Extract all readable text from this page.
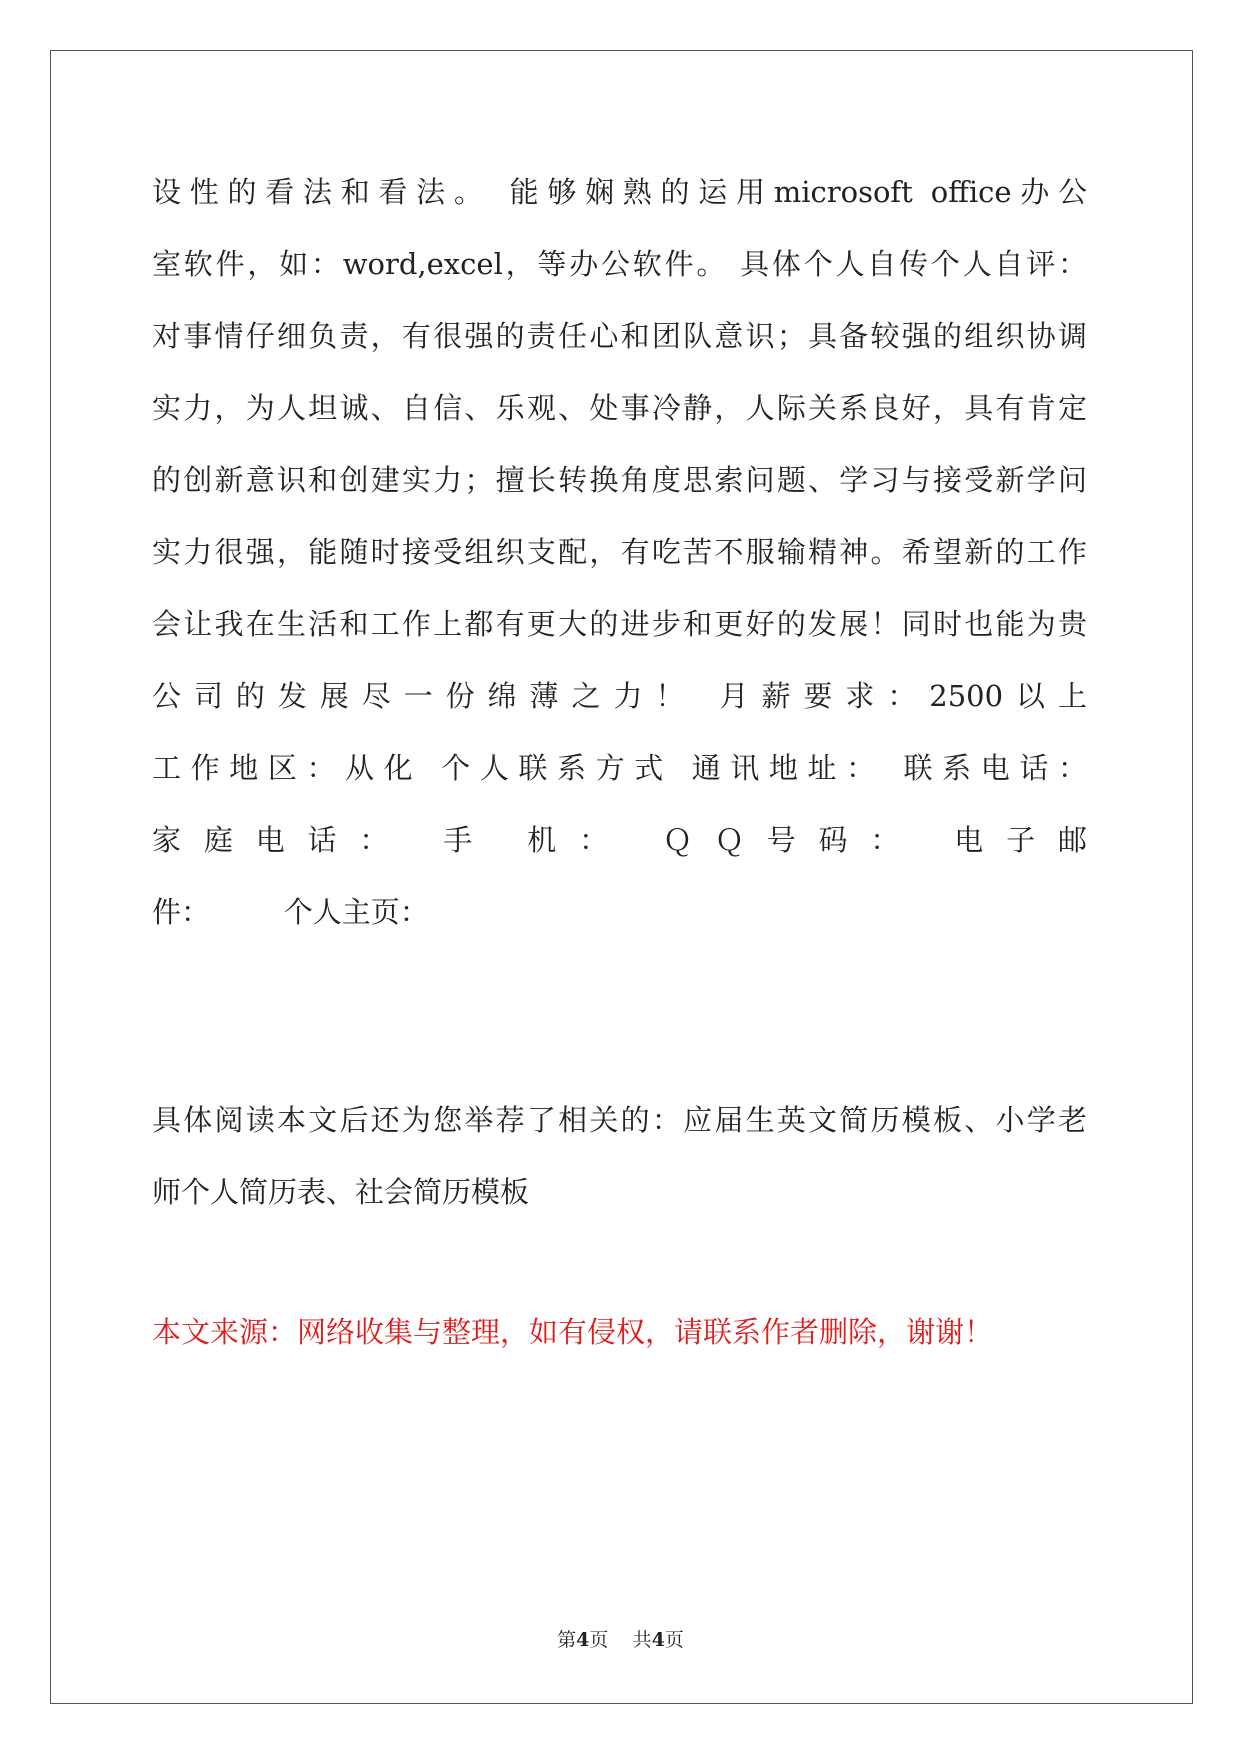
设性的看法和看法。 能够娴熟的运用microsoft office办公
室软件，如：word,excel，等办公软件。 具体个人自传个人自评：
对事情仔细负责，有很强的责任心和团队意识；具备较强的组织协调
实力，为人坦诚、自信、乐观、处事冷静，人际关系良好，具有肯定
的创新意识和创建实力；擅长转换角度思索问题、学习与接受新学问
实力很强，能随时接受组织支配，有吃苦不服输精神。希望新的工作
会让我在生活和工作上都有更大的进步和更好的发展！同时也能为贵
公司的发展尽一份绵薄之力！ 月薪要求：2500以上
工作地区：从化 个人联系方式 通讯地址： 联系电话：
家庭电话： 手 机： ＱＱ号码： 电子邮
件：        个人主页：
具体阅读本文后还为您举荐了相关的：应届生英文简历模板、小学老
师个人简历表、社会简历模板
本文来源：网络收集与整理，如有侵权，请联系作者删除，谢谢！
第4页 共4页
